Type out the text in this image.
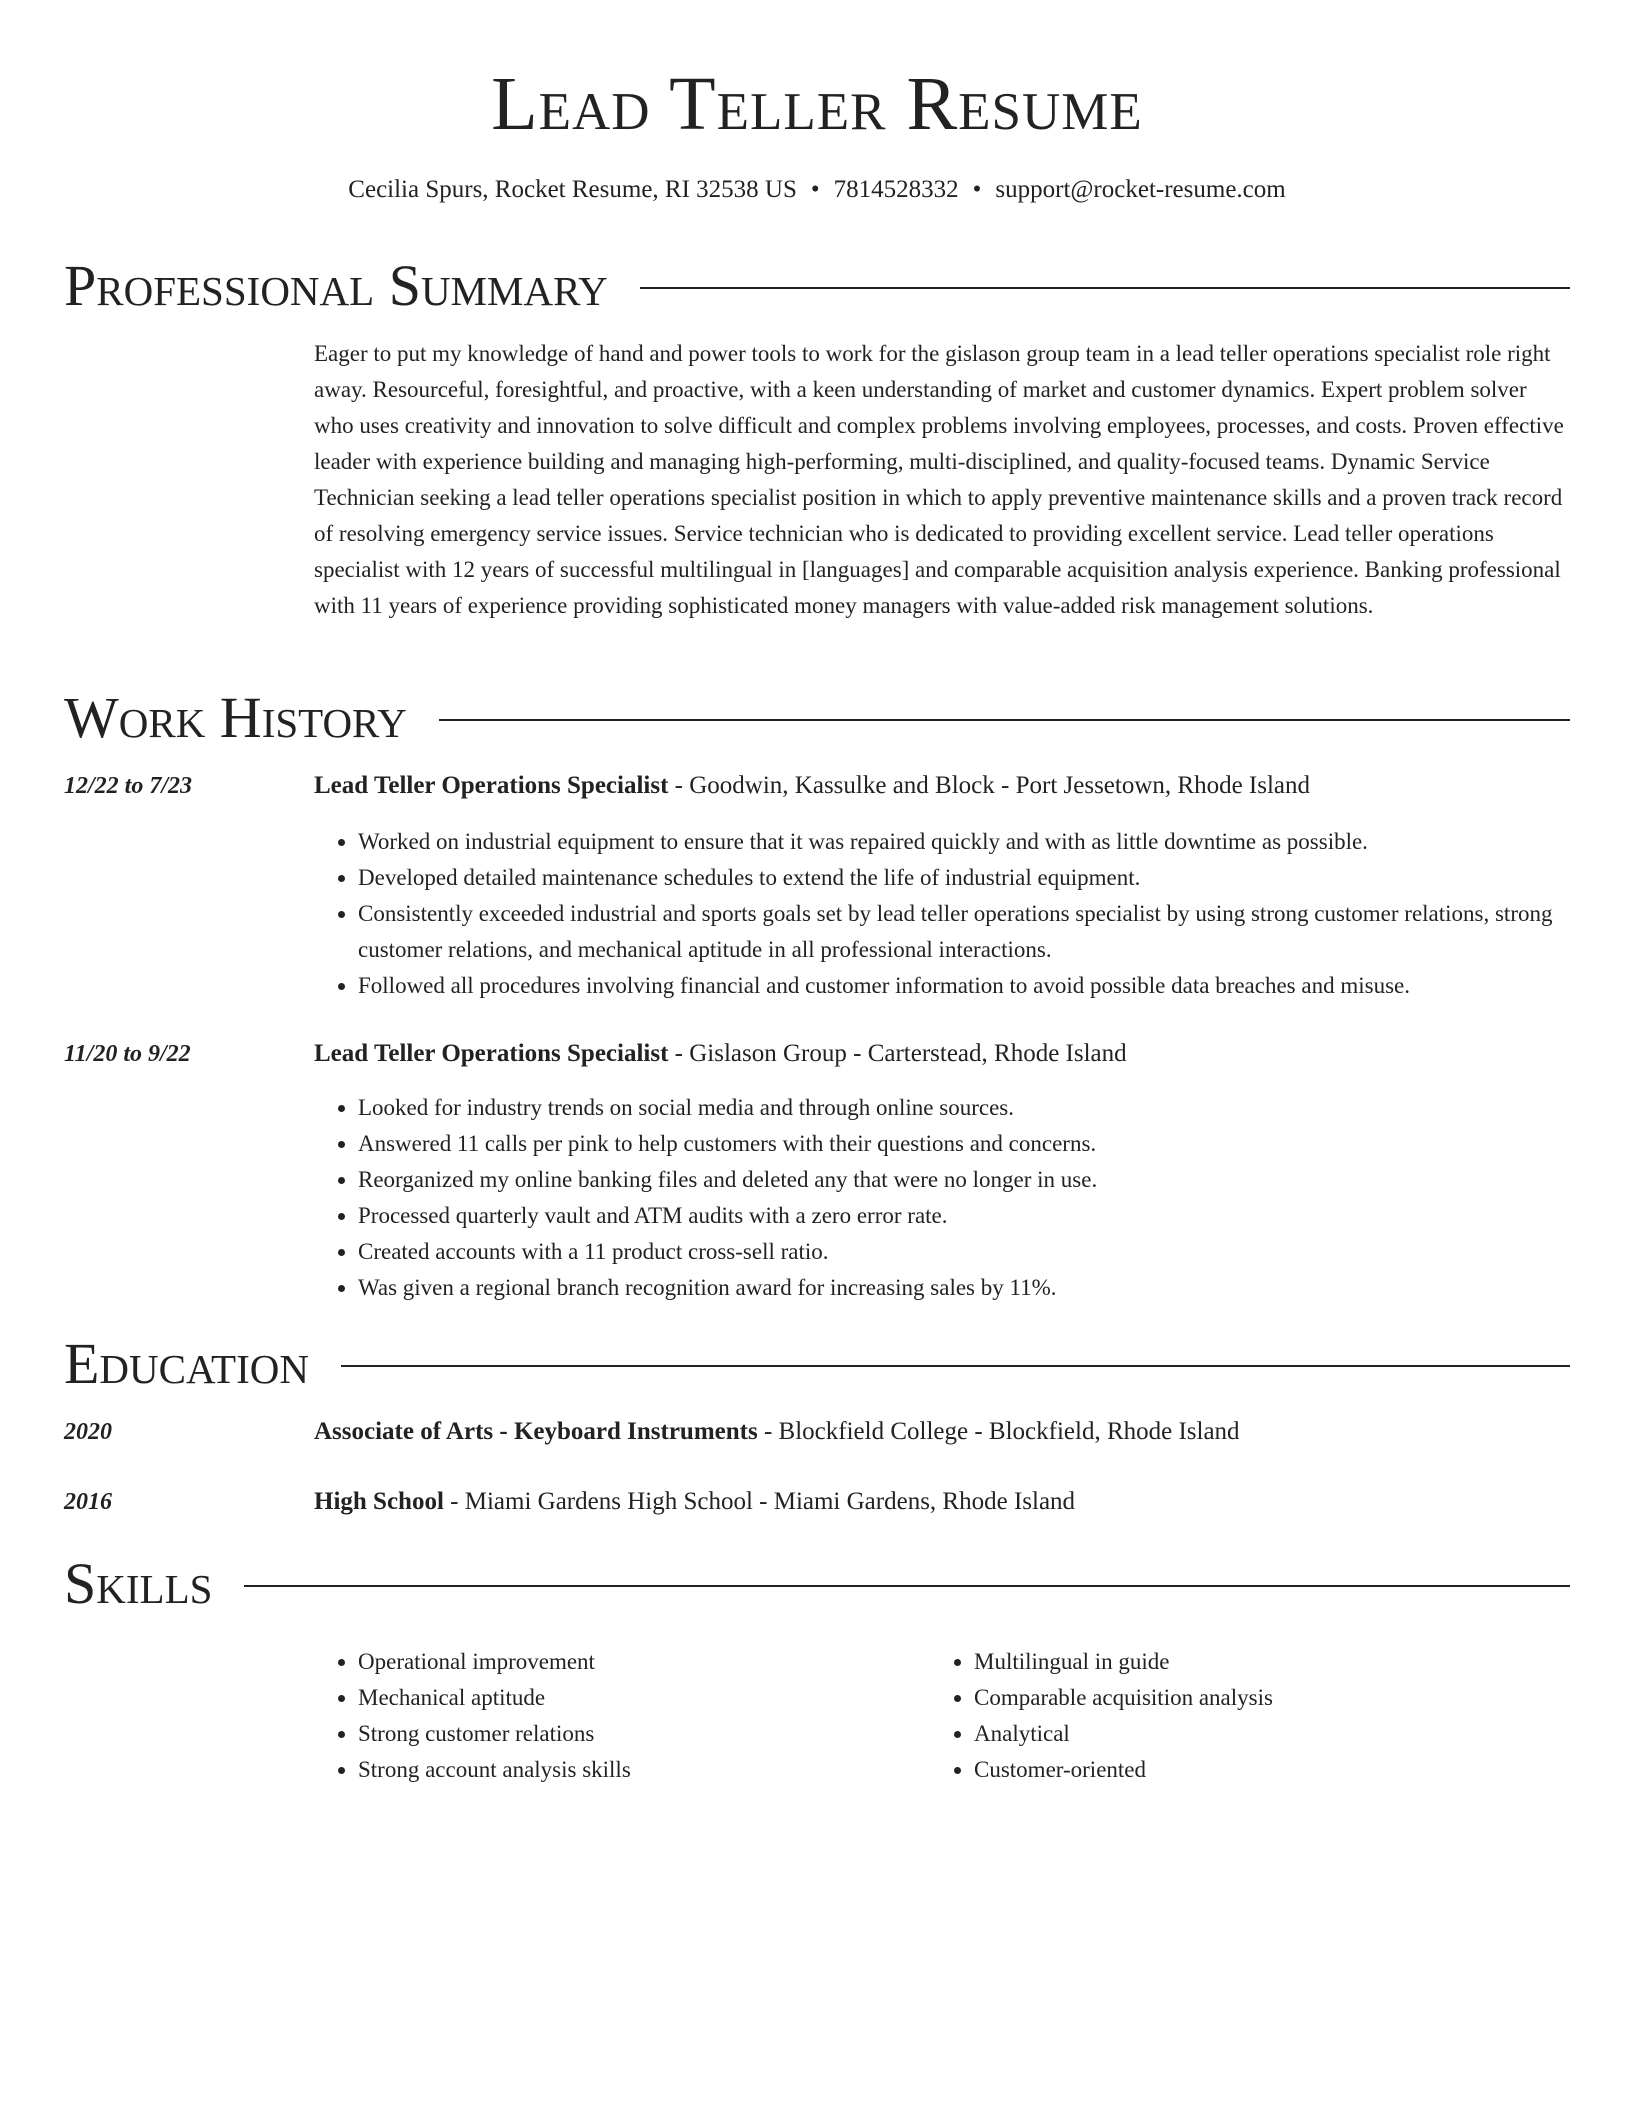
Lead Teller Resume
Cecilia Spurs, Rocket Resume, RI 32538 US • 7814528332 • support@rocket-resume.com
Professional Summary
Eager to put my knowledge of hand and power tools to work for the gislason group team in a lead teller operations specialist role right away. Resourceful, foresightful, and proactive, with a keen understanding of market and customer dynamics. Expert problem solver who uses creativity and innovation to solve difficult and complex problems involving employees, processes, and costs. Proven effective leader with experience building and managing high-performing, multi-disciplined, and quality-focused teams. Dynamic Service Technician seeking a lead teller operations specialist position in which to apply preventive maintenance skills and a proven track record of resolving emergency service issues. Service technician who is dedicated to providing excellent service. Lead teller operations specialist with 12 years of successful multilingual in [languages] and comparable acquisition analysis experience. Banking professional with 11 years of experience providing sophisticated money managers with value-added risk management solutions.
Work History
12/22 to 7/23	Lead Teller Operations Specialist - Goodwin, Kassulke and Block - Port Jessetown, Rhode Island
• Worked on industrial equipment to ensure that it was repaired quickly and with as little downtime as possible.
• Developed detailed maintenance schedules to extend the life of industrial equipment.
• Consistently exceeded industrial and sports goals set by lead teller operations specialist by using strong customer relations, strong customer relations, and mechanical aptitude in all professional interactions.
• Followed all procedures involving financial and customer information to avoid possible data breaches and misuse.
11/20 to 9/22	Lead Teller Operations Specialist - Gislason Group - Carterstead, Rhode Island
• Looked for industry trends on social media and through online sources.
• Answered 11 calls per pink to help customers with their questions and concerns.
• Reorganized my online banking files and deleted any that were no longer in use.
• Processed quarterly vault and ATM audits with a zero error rate.
• Created accounts with a 11 product cross-sell ratio.
• Was given a regional branch recognition award for increasing sales by 11%.
Education
2020	Associate of Arts - Keyboard Instruments - Blockfield College - Blockfield, Rhode Island
2016	High School - Miami Gardens High School - Miami Gardens, Rhode Island
Skills
• Operational improvement
• Mechanical aptitude
• Strong customer relations
• Strong account analysis skills
• Multilingual in guide
• Comparable acquisition analysis
• Analytical
• Customer-oriented
